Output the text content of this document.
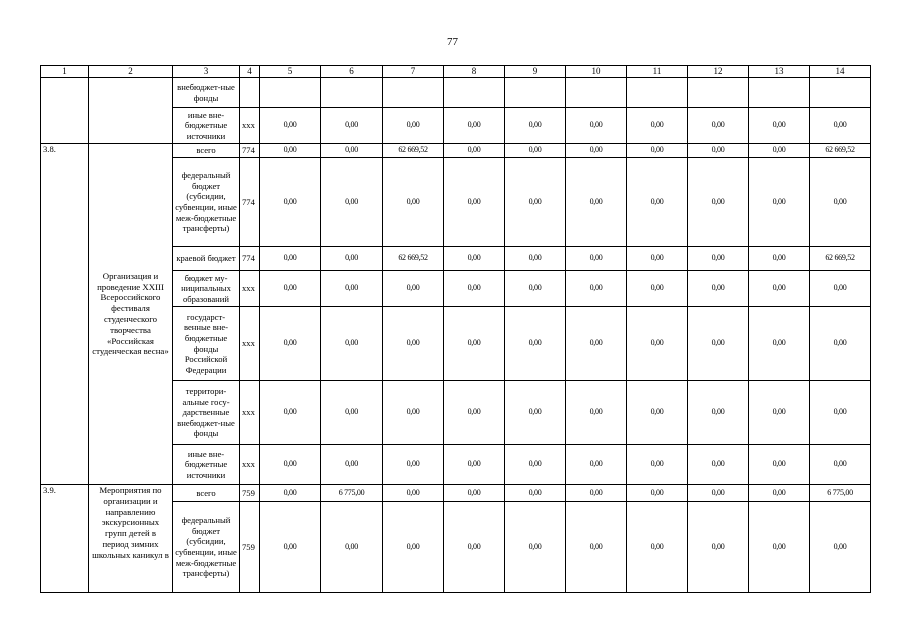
77
1	2	3	4	5	6	7	8	9	10	11	12	13	14
		внебюджет-ные фонды											
		иные вне-бюджетные источники	xxx	0,00	0,00	0,00	0,00	0,00	0,00	0,00	0,00	0,00	0,00
3.8.	Организация и проведение XXIII Всероссийского фестиваля студенческого творчества «Российская студенческая весна»	всего	774	0,00	0,00	62 669,52	0,00	0,00	0,00	0,00	0,00	0,00	62 669,52
		федеральный бюджет (субсидии, субвенции, иные меж-бюджетные трансферты)	774	0,00	0,00	0,00	0,00	0,00	0,00	0,00	0,00	0,00	0,00
		краевой бюджет	774	0,00	0,00	62 669,52	0,00	0,00	0,00	0,00	0,00	0,00	62 669,52
		бюджет му-ниципальных образований	xxx	0,00	0,00	0,00	0,00	0,00	0,00	0,00	0,00	0,00	0,00
		государст-венные вне-бюджетные фонды Российской Федерации	xxx	0,00	0,00	0,00	0,00	0,00	0,00	0,00	0,00	0,00	0,00
		территори-альные госу-дарственные внебюджет-ные фонды	xxx	0,00	0,00	0,00	0,00	0,00	0,00	0,00	0,00	0,00	0,00
		иные вне-бюджетные источники	xxx	0,00	0,00	0,00	0,00	0,00	0,00	0,00	0,00	0,00	0,00
3.9.	Мероприятия по организации и направлению экскурсионных групп детей в период зимних школьных каникул в	всего	759	0,00	6 775,00	0,00	0,00	0,00	0,00	0,00	0,00	0,00	6 775,00
		федеральный бюджет (субсидии, субвенции, иные меж-бюджетные трансферты)	759	0,00	0,00	0,00	0,00	0,00	0,00	0,00	0,00	0,00	0,00
